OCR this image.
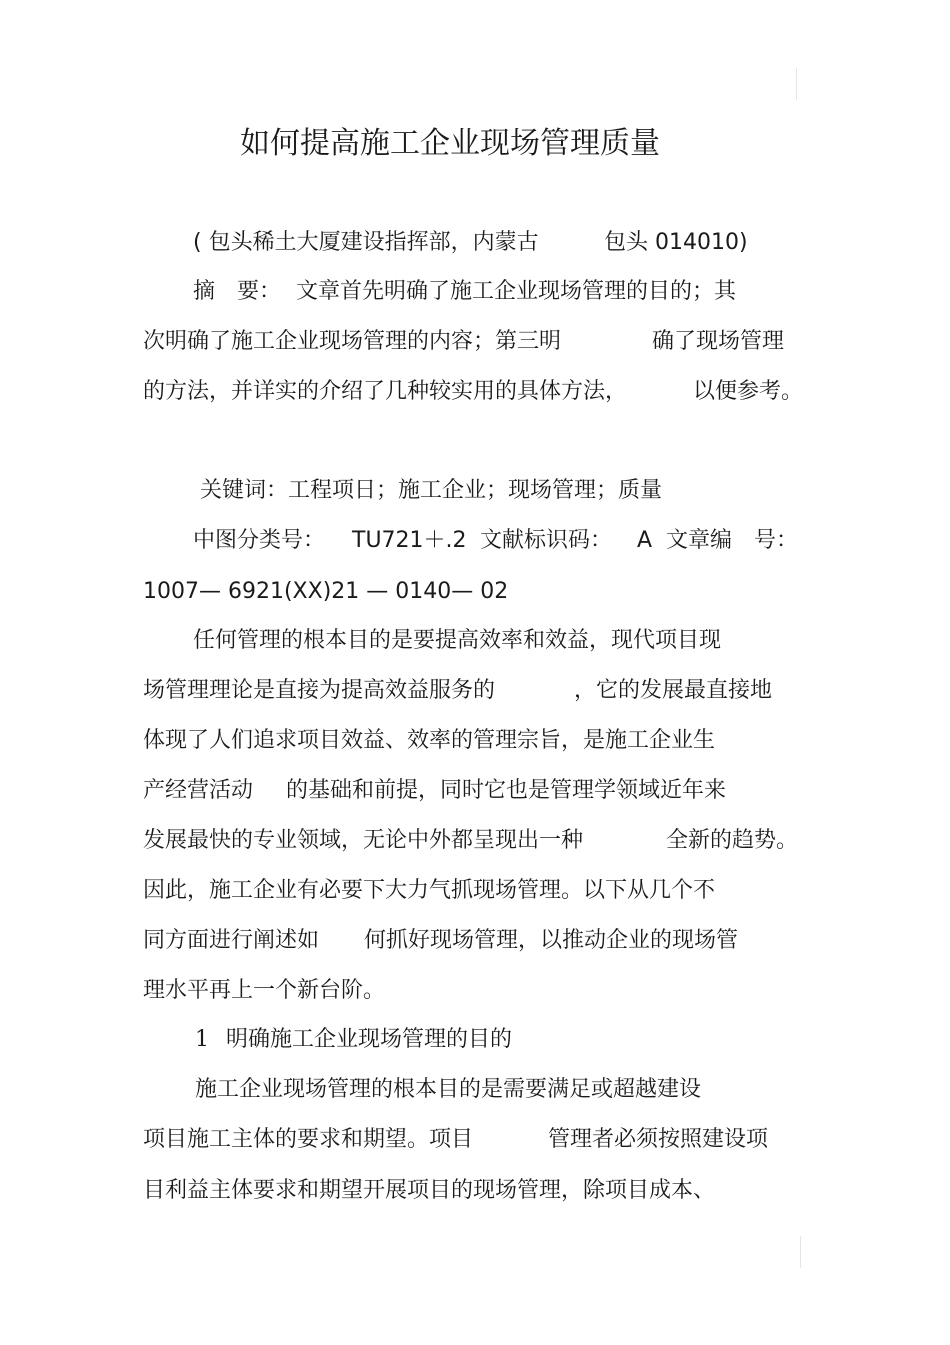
如何提高施工企业现场管理质量
( 包头稀土大厦建设指挥部，内蒙古	包头 014010)
摘　要： 文章首先明确了施工企业现场管理的目的；其
次明确了施工企业现场管理的内容；第三明	确了现场管理
的方法，并详实的介绍了几种较实用的具体方法，	以便参考。
关键词：工程项日；施工企业；现场管理；质量
中图分类号： TU721＋.2 文献标识码： A 文章编　号：
1007— 6921(XX)21 — 0140— 02
任何管理的根本目的是要提高效率和效益，现代项目现
场管理理论是直接为提高效益服务的	，它的发展最直接地
体现了人们追求项目效益、效率的管理宗旨，是施工企业生
产经营活动 的基础和前提，同时它也是管理学领域近年来
发展最快的专业领域，无论中外都呈现出一种	全新的趋势。
因此，施工企业有必要下大力气抓现场管理。以下从几个不
同方面进行阐述如 何抓好现场管理，以推动企业的现场管
理水平再上一个新台阶。
1 明确施工企业现场管理的目的
施工企业现场管理的根本目的是需要满足或超越建设
项目施工主体的要求和期望。项目	管理者必须按照建设项
目利益主体要求和期望开展项目的现场管理，除项目成本、
